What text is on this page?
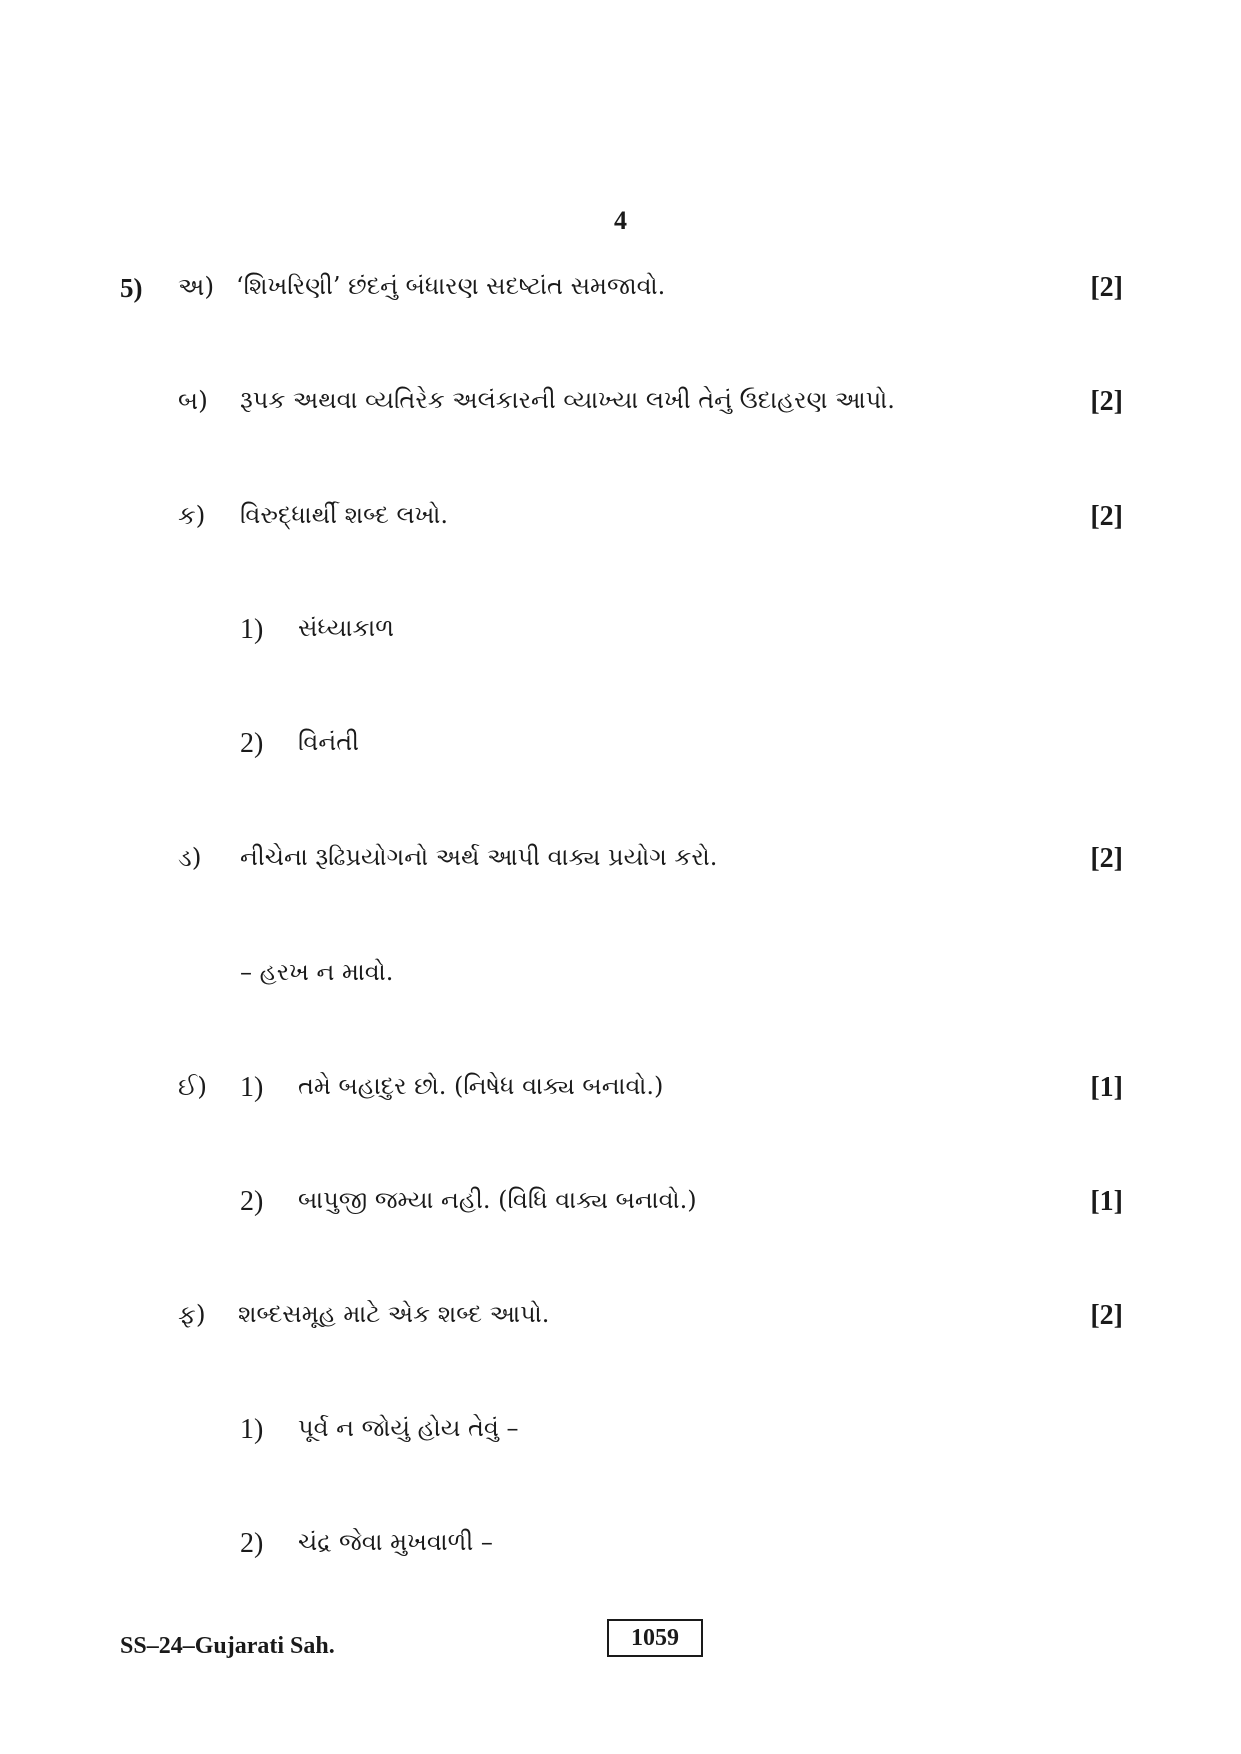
4
5) અ) ‘શિખરિણી’ છંદનું બંધારણ સદષ્ટાંત સમજાવો.	[2]
બ) રૂપક અથવા વ્યતિરેક અલંકારની વ્યાખ્યા લખી તેનું ઉદાહરણ આપો.	[2]
ક) વિરુદ્ધાર્થી શબ્દ લખો.	[2]
1) સંધ્યાકાળ
2) વિનંતી
ડ) નીચેના રૂઢિપ્રયોગનો અર્થ આપી વાક્ય પ્રયોગ કરો.	[2]
– હરખ ન માવો.
ઈ) 1) તમે બહાદુર છો. (નિષેધ વાક્ય બનાવો.)	[1]
2) બાપુજી જમ્યા નહી. (વિધિ વાક્ય બનાવો.)	[1]
ફ) શબ્દસમૂહ માટે એક શબ્દ આપો.	[2]
1) પૂર્વ ન જોયું હોય તેવું –
2) ચંદ્ર જેવા મુખવાળી –
SS–24–Gujarati Sah.	1059
